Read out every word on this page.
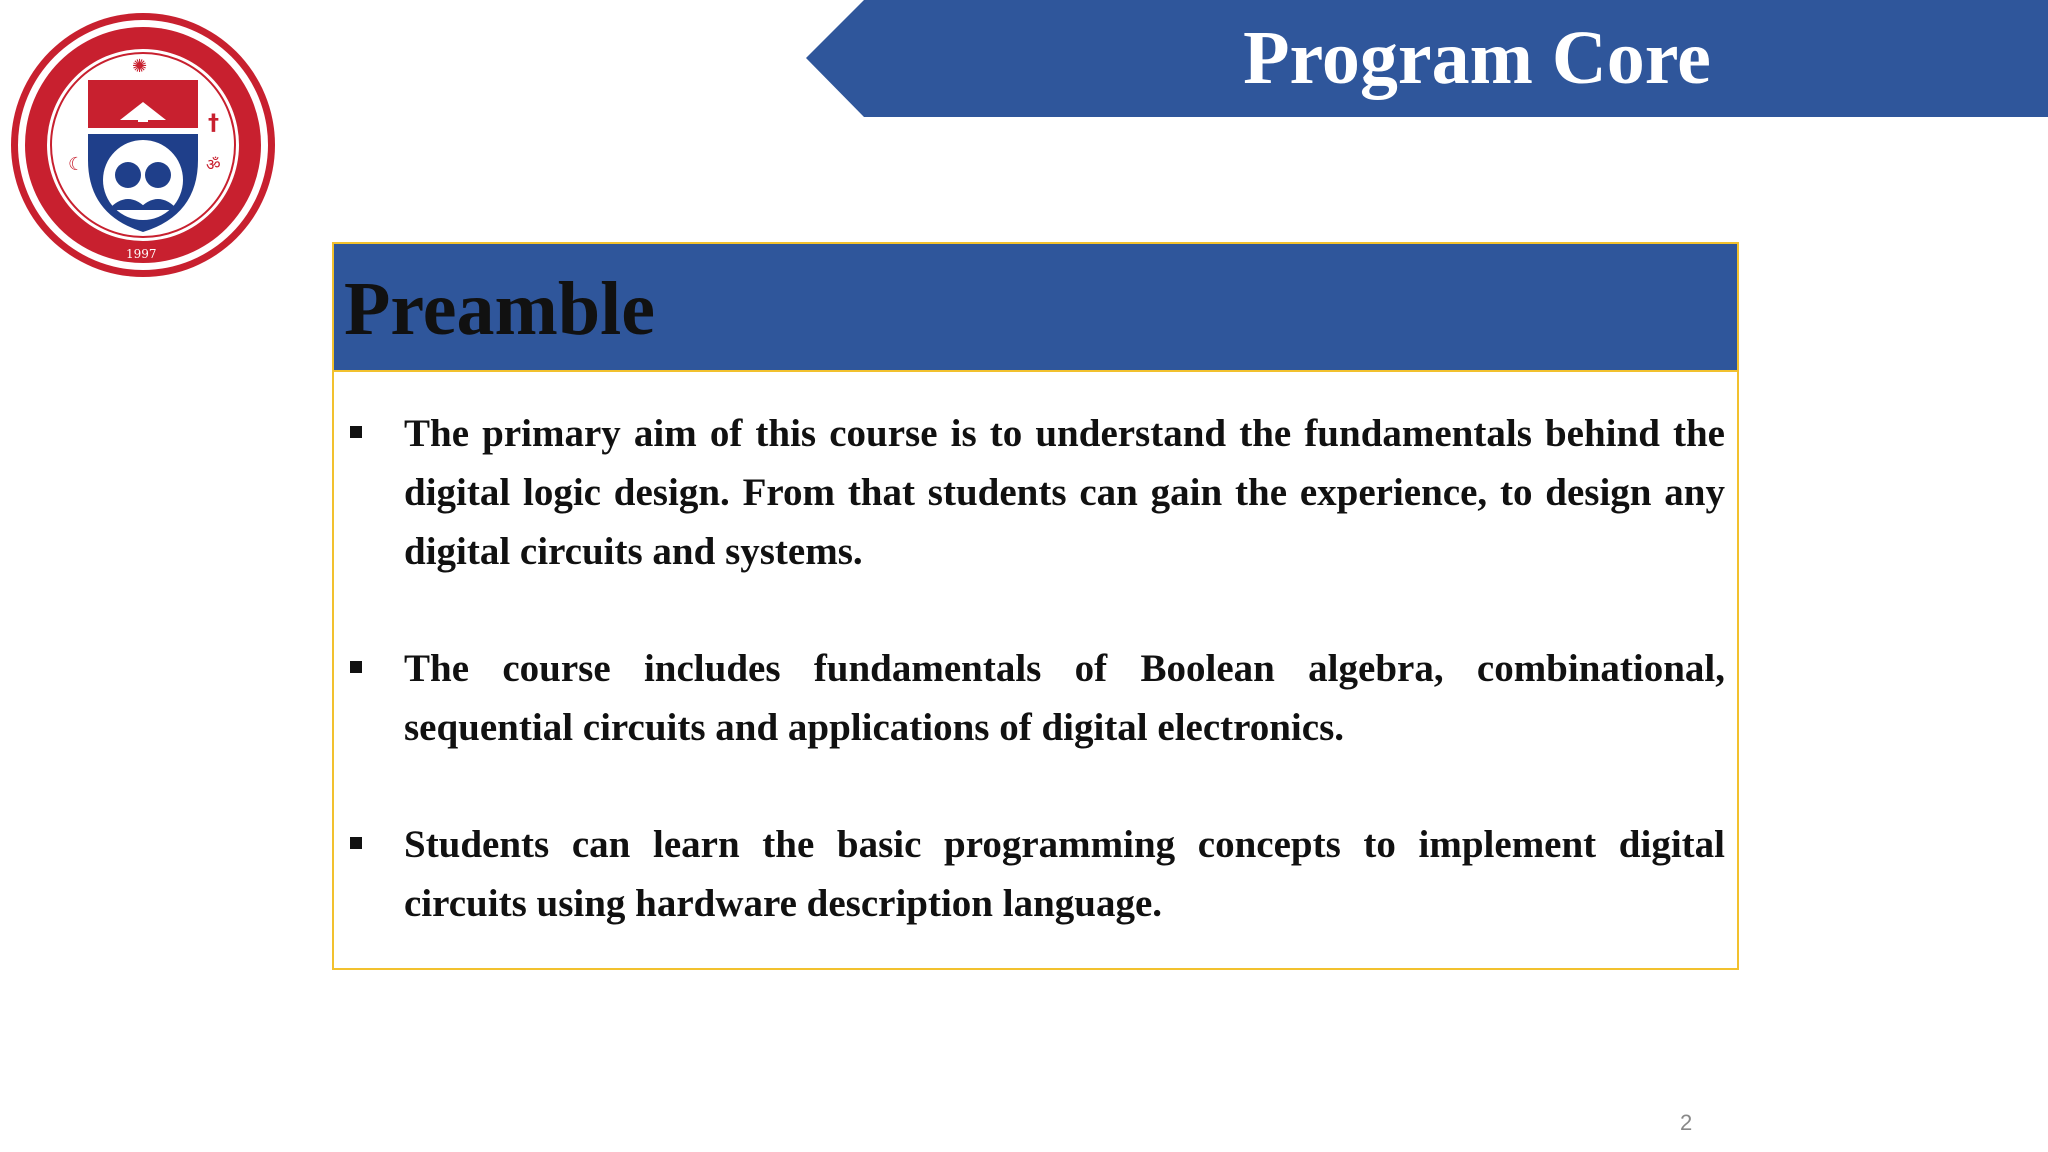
☾
†
ॐ
✺
1997
Program Core
Preamble
The primary aim of this course is to understand the fundamentals behind the digital logic design. From that students can gain the experience, to design any digital circuits and systems.
The course includes fundamentals of Boolean algebra, combinational, sequential circuits and applications of digital electronics.
Students can learn the basic programming concepts to implement digital circuits using hardware description language.
2
